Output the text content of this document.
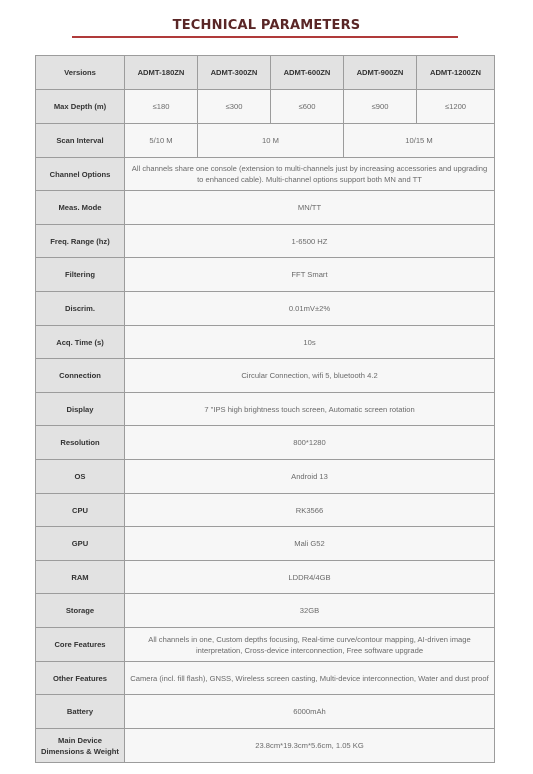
TECHNICAL PARAMETERS
Versions	ADMT-180ZN	ADMT-300ZN	ADMT-600ZN	ADMT-900ZN	ADMT-1200ZN
Max Depth (m)	≤180	≤300	≤600	≤900	≤1200
Scan Interval	5/10 M	10 M		10/15 M	
Channel Options	All channels share one console (extension to multi-channels just by increasing accessories and upgrading to enhanced cable). Multi-channel options support both MN and TT				
Meas. Mode	MN/TT				
Freq. Range (hz)	1-6500 HZ				
Filtering	FFT Smart				
Discrim.	0.01mV±2%				
Acq. Time (s)	10s				
Connection	Circular Connection, wifi 5, bluetooth 4.2				
Display	7 "IPS high brightness touch screen, Automatic screen rotation				
Resolution	800*1280				
OS	Android 13				
CPU	RK3566				
GPU	Mali G52				
RAM	LDDR4/4GB				
Storage	32GB				
Core Features	All channels in one, Custom depths focusing, Real-time curve/contour mapping, AI-driven image interpretation, Cross-device interconnection, Free software upgrade				
Other Features	Camera (incl. fill flash), GNSS, Wireless screen casting, Multi-device interconnection, Water and dust proof				
Battery	6000mAh				
Main Device Dimensions & Weight	23.8cm*19.3cm*5.6cm, 1.05 KG				
